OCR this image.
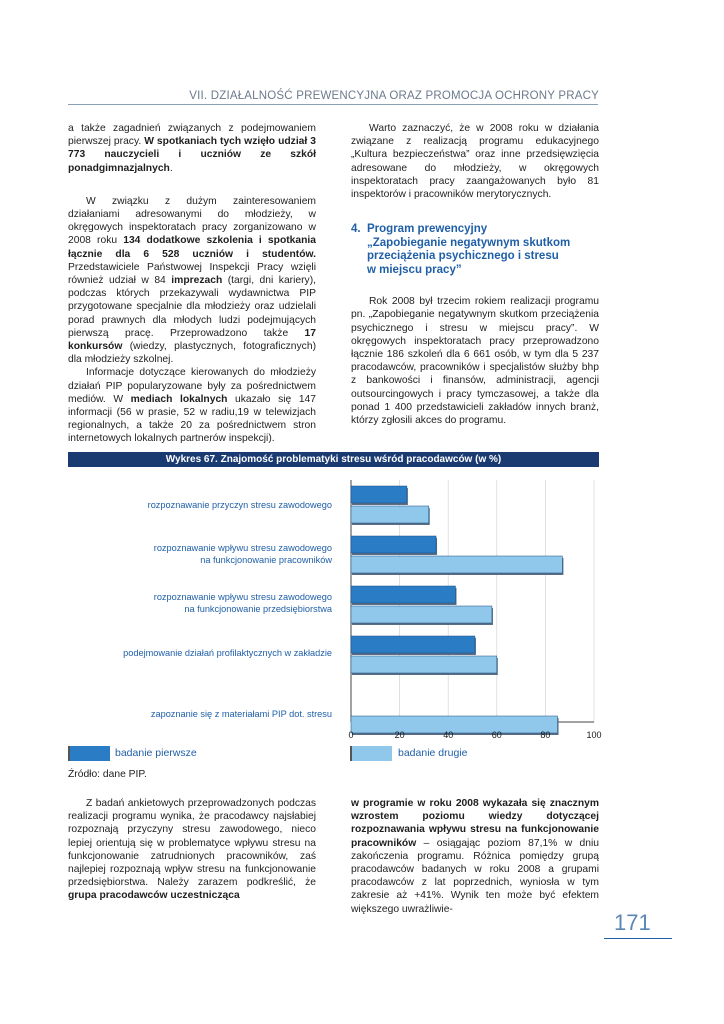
VII. DZIAŁALNOŚĆ PREWENCYJNA ORAZ PROMOCJA OCHRONY PRACY

a także zagadnień związanych z podejmowaniem pierwszej pracy. W spotkaniach tych wzięło udział 3 773 nauczycieli i uczniów ze szkół ponadgimnazjalnych.

W związku z dużym zainteresowaniem działaniami adresowanymi do młodzieży, w okręgowych inspektoratach pracy zorganizowano w 2008 roku 134 dodatkowe szkolenia i spotkania łącznie dla 6 528 uczniów i studentów. Przedstawiciele Państwowej Inspekcji Pracy wzięli również udział w 84 imprezach (targi, dni kariery), podczas których przekazywali wydawnictwa PIP przygotowane specjalnie dla młodzieży oraz udzielali porad prawnych dla młodych ludzi podejmujących pierwszą pracę. Przeprowadzono także 17 konkursów (wiedzy, plastycznych, fotograficznych) dla młodzieży szkolnej.

Informacje dotyczące kierowanych do młodzieży działań PIP popularyzowane były za pośrednictwem mediów. W mediach lokalnych ukazało się 147 informacji (56 w prasie, 52 w radiu,19 w telewizjach regionalnych, a także 20 za pośrednictwem stron internetowych lokalnych partnerów inspekcji).

Warto zaznaczyć, że w 2008 roku w działania związane z realizacją programu edukacyjnego „Kultura bezpieczeństwa” oraz inne przedsięwzięcia adresowane do młodzieży, w okręgowych inspektoratach pracy zaangażowanych było 81 inspektorów i pracowników merytorycznych.

4. Program prewencyjny
„Zapobieganie negatywnym skutkom
przeciążenia psychicznego i stresu
w miejscu pracy”

Rok 2008 był trzecim rokiem realizacji programu pn. „Zapobieganie negatywnym skutkom przeciążenia psychicznego i stresu w miejscu pracy”. W okręgowych inspektoratach pracy przeprowadzono łącznie 186 szkoleń dla 6 661 osób, w tym dla 5 237 pracodawców, pracowników i specjalistów służby bhp z bankowości i finansów, administracji, agencji outsourcingowych i pracy tymczasowej, a także dla ponad 1 400 przedstawicieli zakładów innych branż, którzy zgłosili akces do programu.

Wykres 67. Znajomość problematyki stresu wśród pracodawców (w %)
rozpoznawanie przyczyn stresu zawodowego
rozpoznawanie wpływu stresu zawodowego
na funkcjonowanie pracowników
rozpoznawanie wpływu stresu zawodowego
na funkcjonowanie przedsiębiorstwa
podejmowanie działań profilaktycznych w zakładzie
zapoznanie się z materiałami PIP dot. stresu
0	20	40	60	80	100
badanie pierwsze	badanie drugie
Źródło: dane PIP.

Z badań ankietowych przeprowadzonych podczas realizacji programu wynika, że pracodawcy najsłabiej rozpoznają przyczyny stresu zawodowego, nieco lepiej orientują się w problematyce wpływu stresu na funkcjonowanie zatrudnionych pracowników, zaś najlepiej rozpoznają wpływ stresu na funkcjonowanie przedsiębiorstwa. Należy zarazem podkreślić, że grupa pracodawców uczestnicząca

w programie w roku 2008 wykazała się znacznym wzrostem poziomu wiedzy dotyczącej rozpoznawania wpływu stresu na funkcjonowanie pracowników – osiągając poziom 87,1% w dniu zakończenia programu. Różnica pomiędzy grupą pracodawców badanych w roku 2008 a grupami pracodawców z lat poprzednich, wyniosła w tym zakresie aż +41%. Wynik ten może być efektem większego uwrażliwie-

171
